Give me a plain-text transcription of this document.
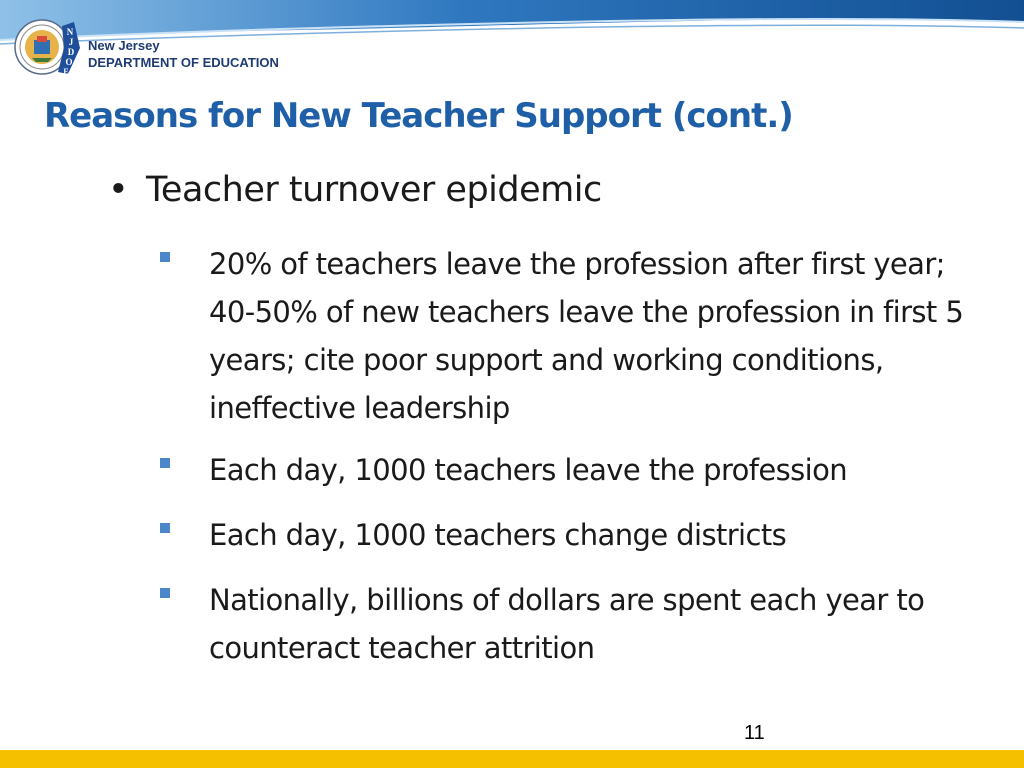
N
J
D
O
E
New Jersey
DEPARTMENT OF EDUCATION
Reasons for New Teacher Support (cont.)
• Teacher turnover epidemic
20% of teachers leave the profession after first year; 40-50% of new teachers leave the profession in first 5 years; cite poor support and working conditions, ineffective leadership
Each day, 1000 teachers leave the profession
Each day, 1000 teachers change districts
Nationally, billions of dollars are spent each year to counteract teacher attrition
11
